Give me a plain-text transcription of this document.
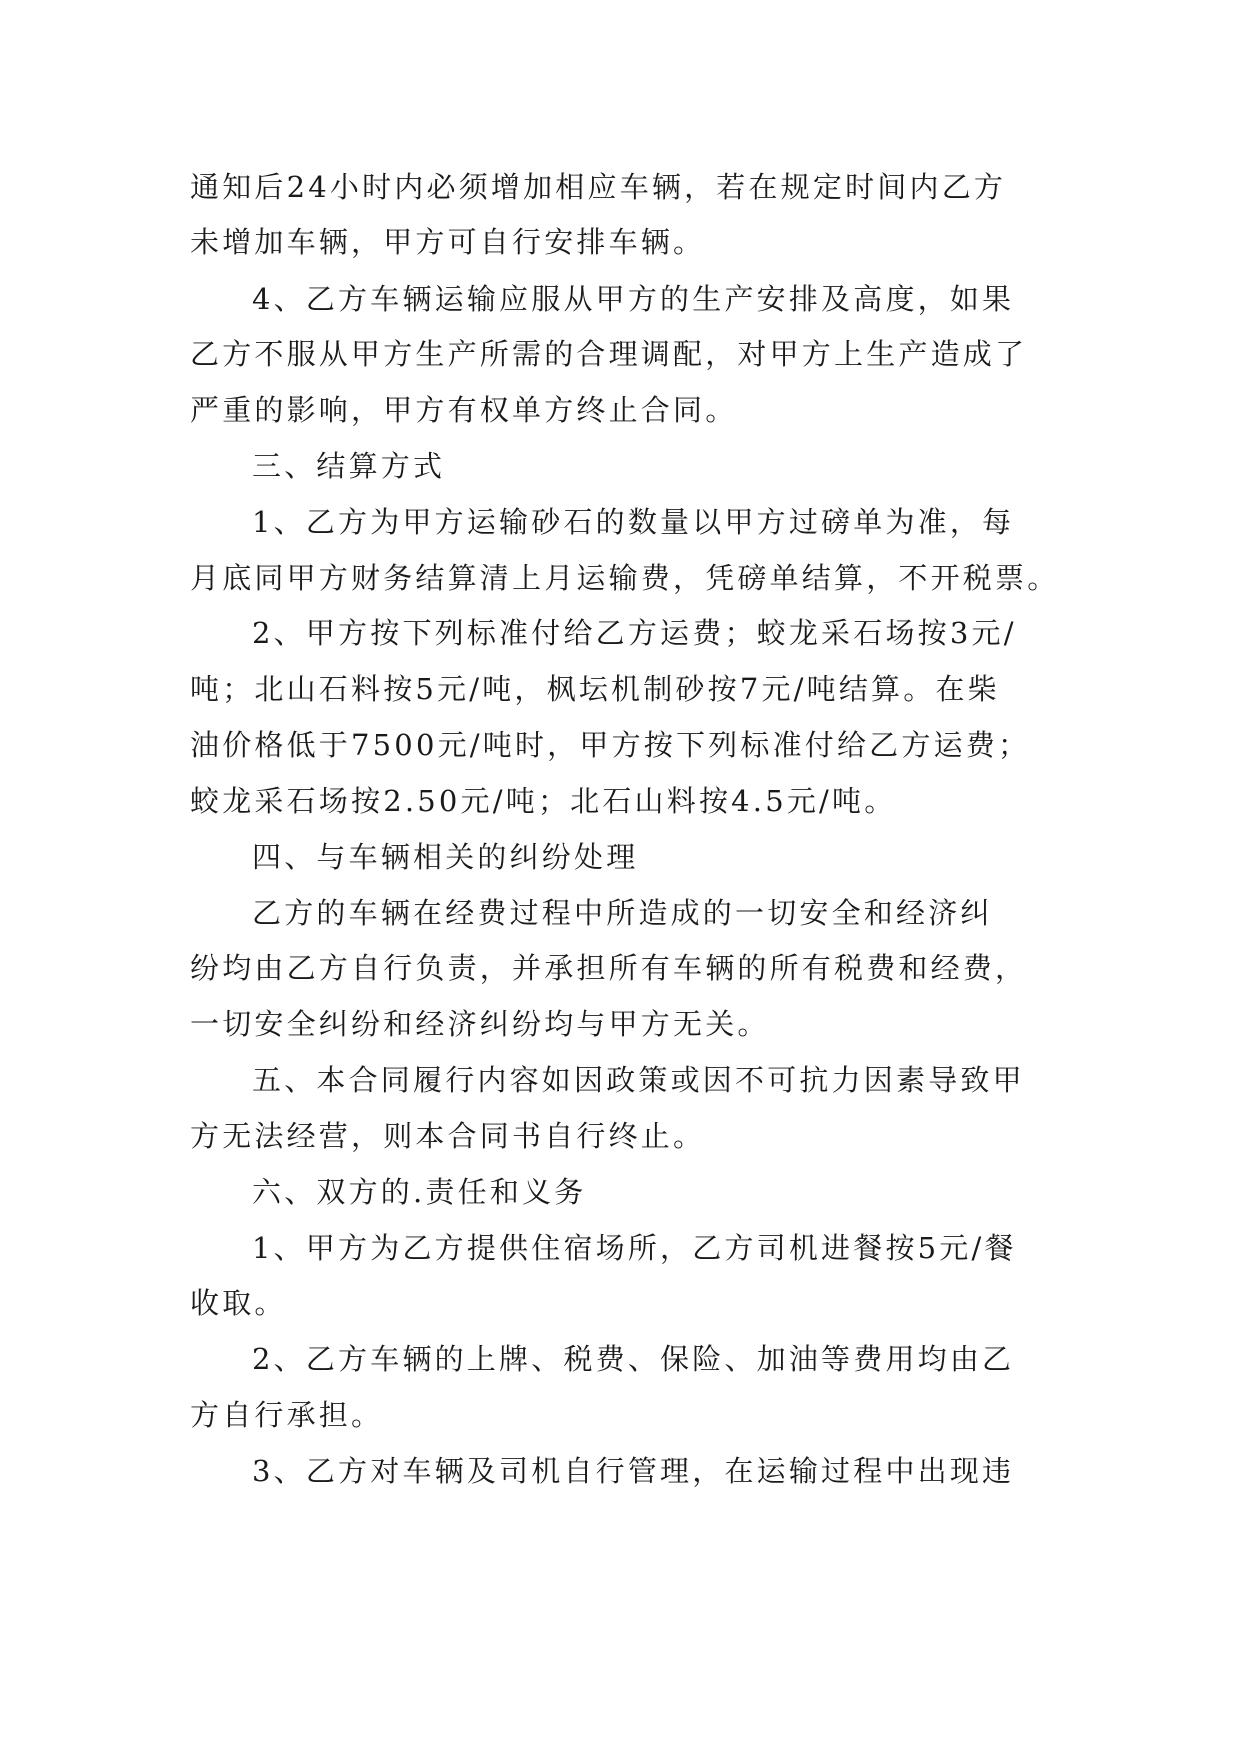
通知后24小时内必须增加相应车辆，若在规定时间内乙方
未增加车辆，甲方可自行安排车辆。
4、乙方车辆运输应服从甲方的生产安排及高度，如果
乙方不服从甲方生产所需的合理调配，对甲方上生产造成了
严重的影响，甲方有权单方终止合同。
三、结算方式
1、乙方为甲方运输砂石的数量以甲方过磅单为准，每
月底同甲方财务结算清上月运输费，凭磅单结算，不开税票。
2、甲方按下列标准付给乙方运费；蛟龙采石场按3元/
吨；北山石料按5元/吨，枫坛机制砂按7元/吨结算。在柴
油价格低于7500元/吨时，甲方按下列标准付给乙方运费；
蛟龙采石场按2.50元/吨；北石山料按4.5元/吨。
四、与车辆相关的纠纷处理
乙方的车辆在经费过程中所造成的一切安全和经济纠
纷均由乙方自行负责，并承担所有车辆的所有税费和经费，
一切安全纠纷和经济纠纷均与甲方无关。
五、本合同履行内容如因政策或因不可抗力因素导致甲
方无法经营，则本合同书自行终止。
六、双方的.责任和义务
1、甲方为乙方提供住宿场所，乙方司机进餐按5元/餐
收取。
2、乙方车辆的上牌、税费、保险、加油等费用均由乙
方自行承担。
3、乙方对车辆及司机自行管理，在运输过程中出现违
